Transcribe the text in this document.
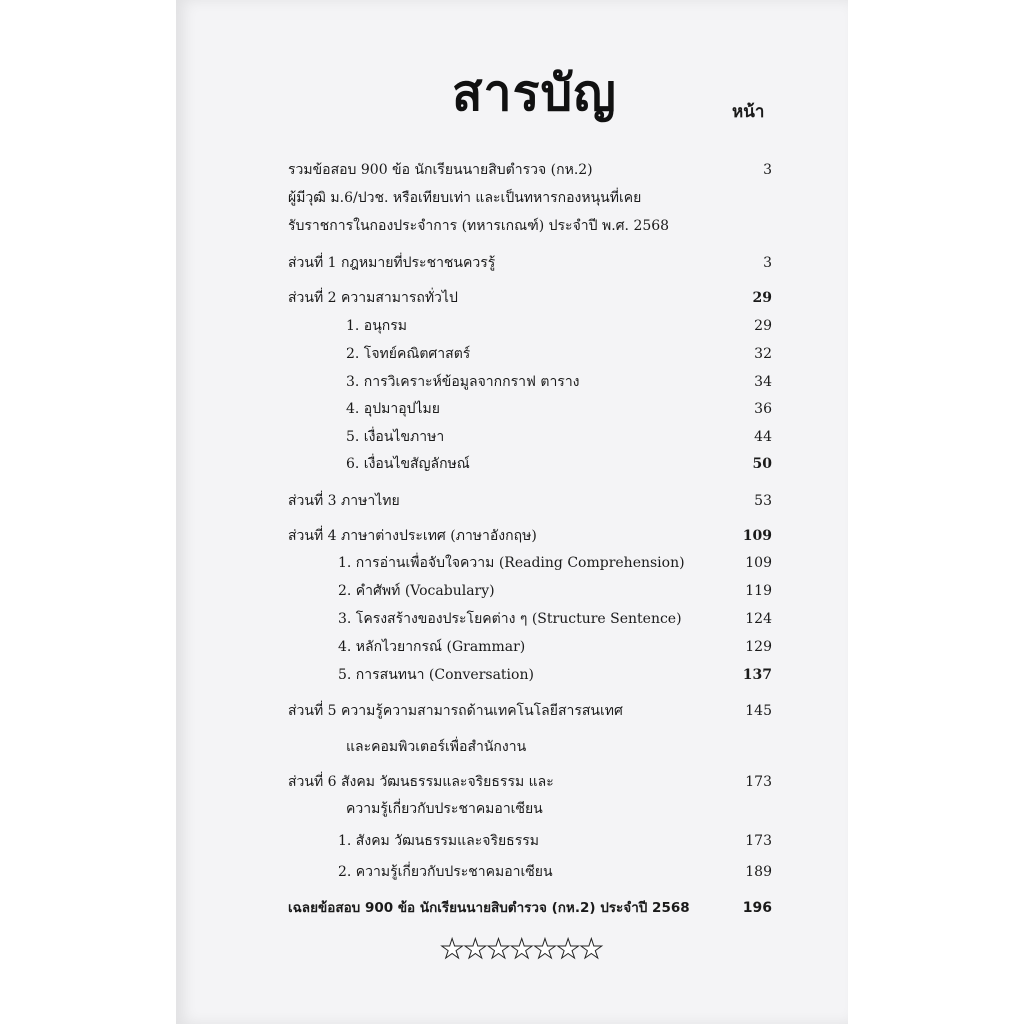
สารบัญ	หน้า
รวมข้อสอบ 900 ข้อ นักเรียนนายสิบตำรวจ (กห.2)	3
ผู้มีวุฒิ ม.6/ปวช. หรือเทียบเท่า และเป็นทหารกองหนุนที่เคย
รับราชการในกองประจำการ (ทหารเกณฑ์) ประจำปี พ.ศ. 2568
ส่วนที่ 1 กฎหมายที่ประชาชนควรรู้	3
ส่วนที่ 2 ความสามารถทั่วไป	29
1. อนุกรม	29
2. โจทย์คณิตศาสตร์	32
3. การวิเคราะห์ข้อมูลจากกราฟ ตาราง	34
4. อุปมาอุปไมย	36
5. เงื่อนไขภาษา	44
6. เงื่อนไขสัญลักษณ์	50
ส่วนที่ 3 ภาษาไทย	53
ส่วนที่ 4 ภาษาต่างประเทศ (ภาษาอังกฤษ)	109
1. การอ่านเพื่อจับใจความ (Reading Comprehension)	109
2. คำศัพท์ (Vocabulary)	119
3. โครงสร้างของประโยคต่าง ๆ (Structure Sentence)	124
4. หลักไวยากรณ์ (Grammar)	129
5. การสนทนา (Conversation)	137
ส่วนที่ 5 ความรู้ความสามารถด้านเทคโนโลยีสารสนเทศ	145
และคอมพิวเตอร์เพื่อสำนักงาน
ส่วนที่ 6 สังคม วัฒนธรรมและจริยธรรม และ	173
ความรู้เกี่ยวกับประชาคมอาเซียน
1. สังคม วัฒนธรรมและจริยธรรม	173
2. ความรู้เกี่ยวกับประชาคมอาเซียน	189
เฉลยข้อสอบ 900 ข้อ นักเรียนนายสิบตำรวจ (กห.2) ประจำปี 2568	196
★★★★★★★
